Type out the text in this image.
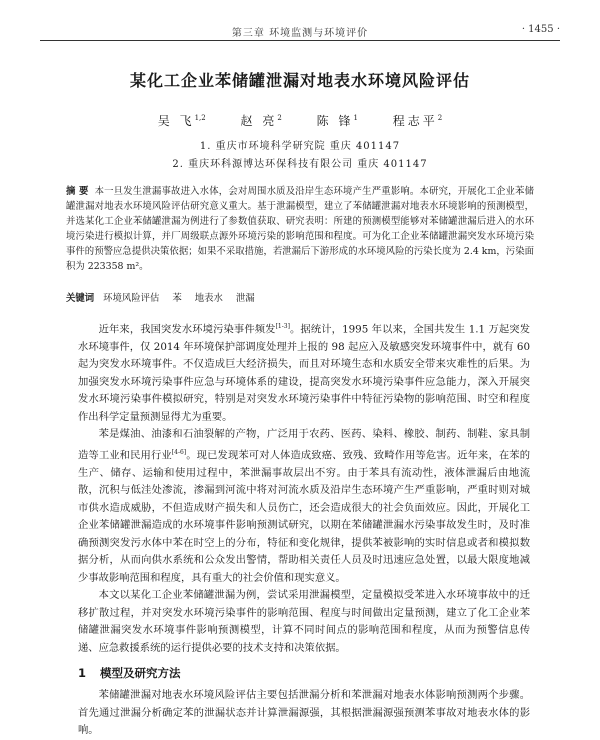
第三章 环境监测与环境评价	· 1455 ·
某化工企业苯储罐泄漏对地表水环境风险评估
吴 飞$^{1,2}$	赵 亮$^2$	陈 锋$^1$	程志平$^2$
1. 重庆市环境科学研究院 重庆 401147
2. 重庆环科源博达环保科技有限公司 重庆 401147
摘 要 本一旦发生泄漏事故进入水体，会对周围水质及沿岸生态环境产生严重影响。本研究，开展化工企业苯储罐泄漏对地表水环境风险评估研究意义重大。基于泄漏模型，建立了苯储罐泄漏对地表水环境影响的预测模型，并选某化工企业苯储罐泄漏为例进行了参数值获取、研究表明：所建的预测模型能够对苯储罐泄漏后进入的水环境污染进行模拟计算，并厂周级联点源外环境污染的影响范围和程度。可为化工企业苯储罐泄漏突发水环境污染事件的预警应急提供决策依据；如果不采取措施，若泄漏后下游形成的水环境风险的污染长度为 2.4 km，污染面积为 223358 m²。
关键词 环境风险评估 苯 地表水 泄漏

近年来，我国突发水环境污染事件频发[1-3]。据统计，1995 年以来，全国共发生 1.1 万起突发水环境事件，仅 2014 年环境保护部调度处理并上报的 98 起应入及敏感突发环境事件中，就有 60 起为突发水环境事件。不仅造成巨大经济损失，而且对环境生态和水质安全带来灾难性的后果。为加强突发水环境污染事件应急与环境体系的建设，提高突发水环境污染事件应急能力，深入开展突发水环境污染事件模拟研究，特别是对突发水环境污染事件中特征污染物的影响范围、时空和程度作出科学定量预测显得尤为重要。

苯是煤油、油漆和石油裂解的产物，广泛用于农药、医药、染料、橡胶、制药、制鞋、家具制造等工业和民用行业[4-6]。现已发现苯可对人体造成致癌、致残、致畸作用等危害。近年来，在苯的生产、储存、运输和使用过程中，苯泄漏事故层出不穷。由于苯具有流动性，液体泄漏后由地流散，沉积与低洼处渗流，渗漏到河流中将对河流水质及沿岸生态环境产生严重影响，严重时则对城市供水造成威胁，不但造成财产损失和人员伤亡，还会造成很大的社会负面效应。因此，开展化工企业苯储罐泄漏造成的水环境事件影响预测试研究，以期在苯储罐泄漏水污染事故发生时，及时准确预测突发污水体中苯在时空上的分布，特征和变化规律，提供苯被影响的实时信息或者和模拟数据分析，从而向供水系统和公众发出警情，帮助相关责任人员及时迅速应急处置，以最大限度地减少事故影响范围和程度，具有重大的社会价值和现实意义。

本文以某化工企业苯储罐泄漏为例，尝试采用泄漏模型，定量模拟受苯进入水环境事故中的迁移扩散过程，并对突发水环境污染事件的影响范围、程度与时间做出定量预测，建立了化工企业苯储罐泄漏突发水环境事件影响预测模型，计算不同时间点的影响范围和程度，从而为预警信息传递、应急救援系统的运行提供必要的技术支持和决策依据。

1 模型及研究方法

苯储罐泄漏对地表水环境风险评估主要包括泄漏分析和苯泄漏对地表水体影响预测两个步骤。首先通过泄漏分析确定苯的泄漏状态并计算泄漏源强，其根据泄漏源强预测苯事故对地表水体的影响。
